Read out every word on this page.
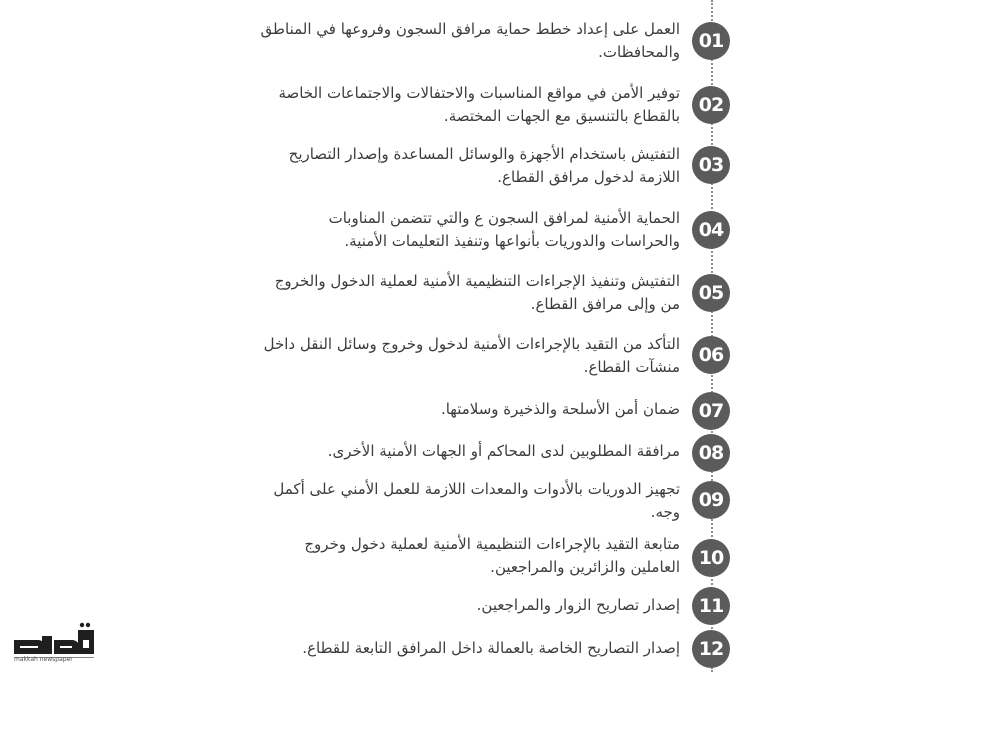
العمل على إعداد خطط حماية مرافق السجون وفروعها في المناطق والمحافظات. 01
توفير الأمن في مواقع المناسبات والاحتفالات والاجتماعات الخاصة بالقطاع بالتنسيق مع الجهات المختصة. 02
التفتيش باستخدام الأجهزة والوسائل المساعدة وإصدار التصاريح اللازمة لدخول مرافق القطاع.
03
الحماية الأمنية لمرافق السجون ع والتي تتضمن المناوبات والحراسات والدوريات بأنواعها وتنفيذ التعليمات الأمنية. 04
التفتيش وتنفيذ الإجراءات التنظيمية الأمنية لعملية الدخول والخروج من وإلى مرافق القطاع. 05
التأكد من التقيد بالإجراءات الأمنية لدخول وخروج وسائل النقل داخل منشآت القطاع.
06
ضمان أمن الأسلحة والذخيرة وسلامتها. 07
مرافقة المطلوبين لدى المحاكم أو الجهات الأمنية الأخرى. 08
تجهيز الدوريات بالأدوات والمعدات اللازمة للعمل الأمني على أكمل وجه.
09
متابعة التقيد بالإجراءات التنظيمية الأمنية لعملية دخول وخروج العاملين والزائرين والمراجعين. 10
إصدار تصاريح الزوار والمراجعين. 11
إصدار التصاريح الخاصة بالعمالة داخل المرافق التابعة للقطاع. 12
makkah newspaper
